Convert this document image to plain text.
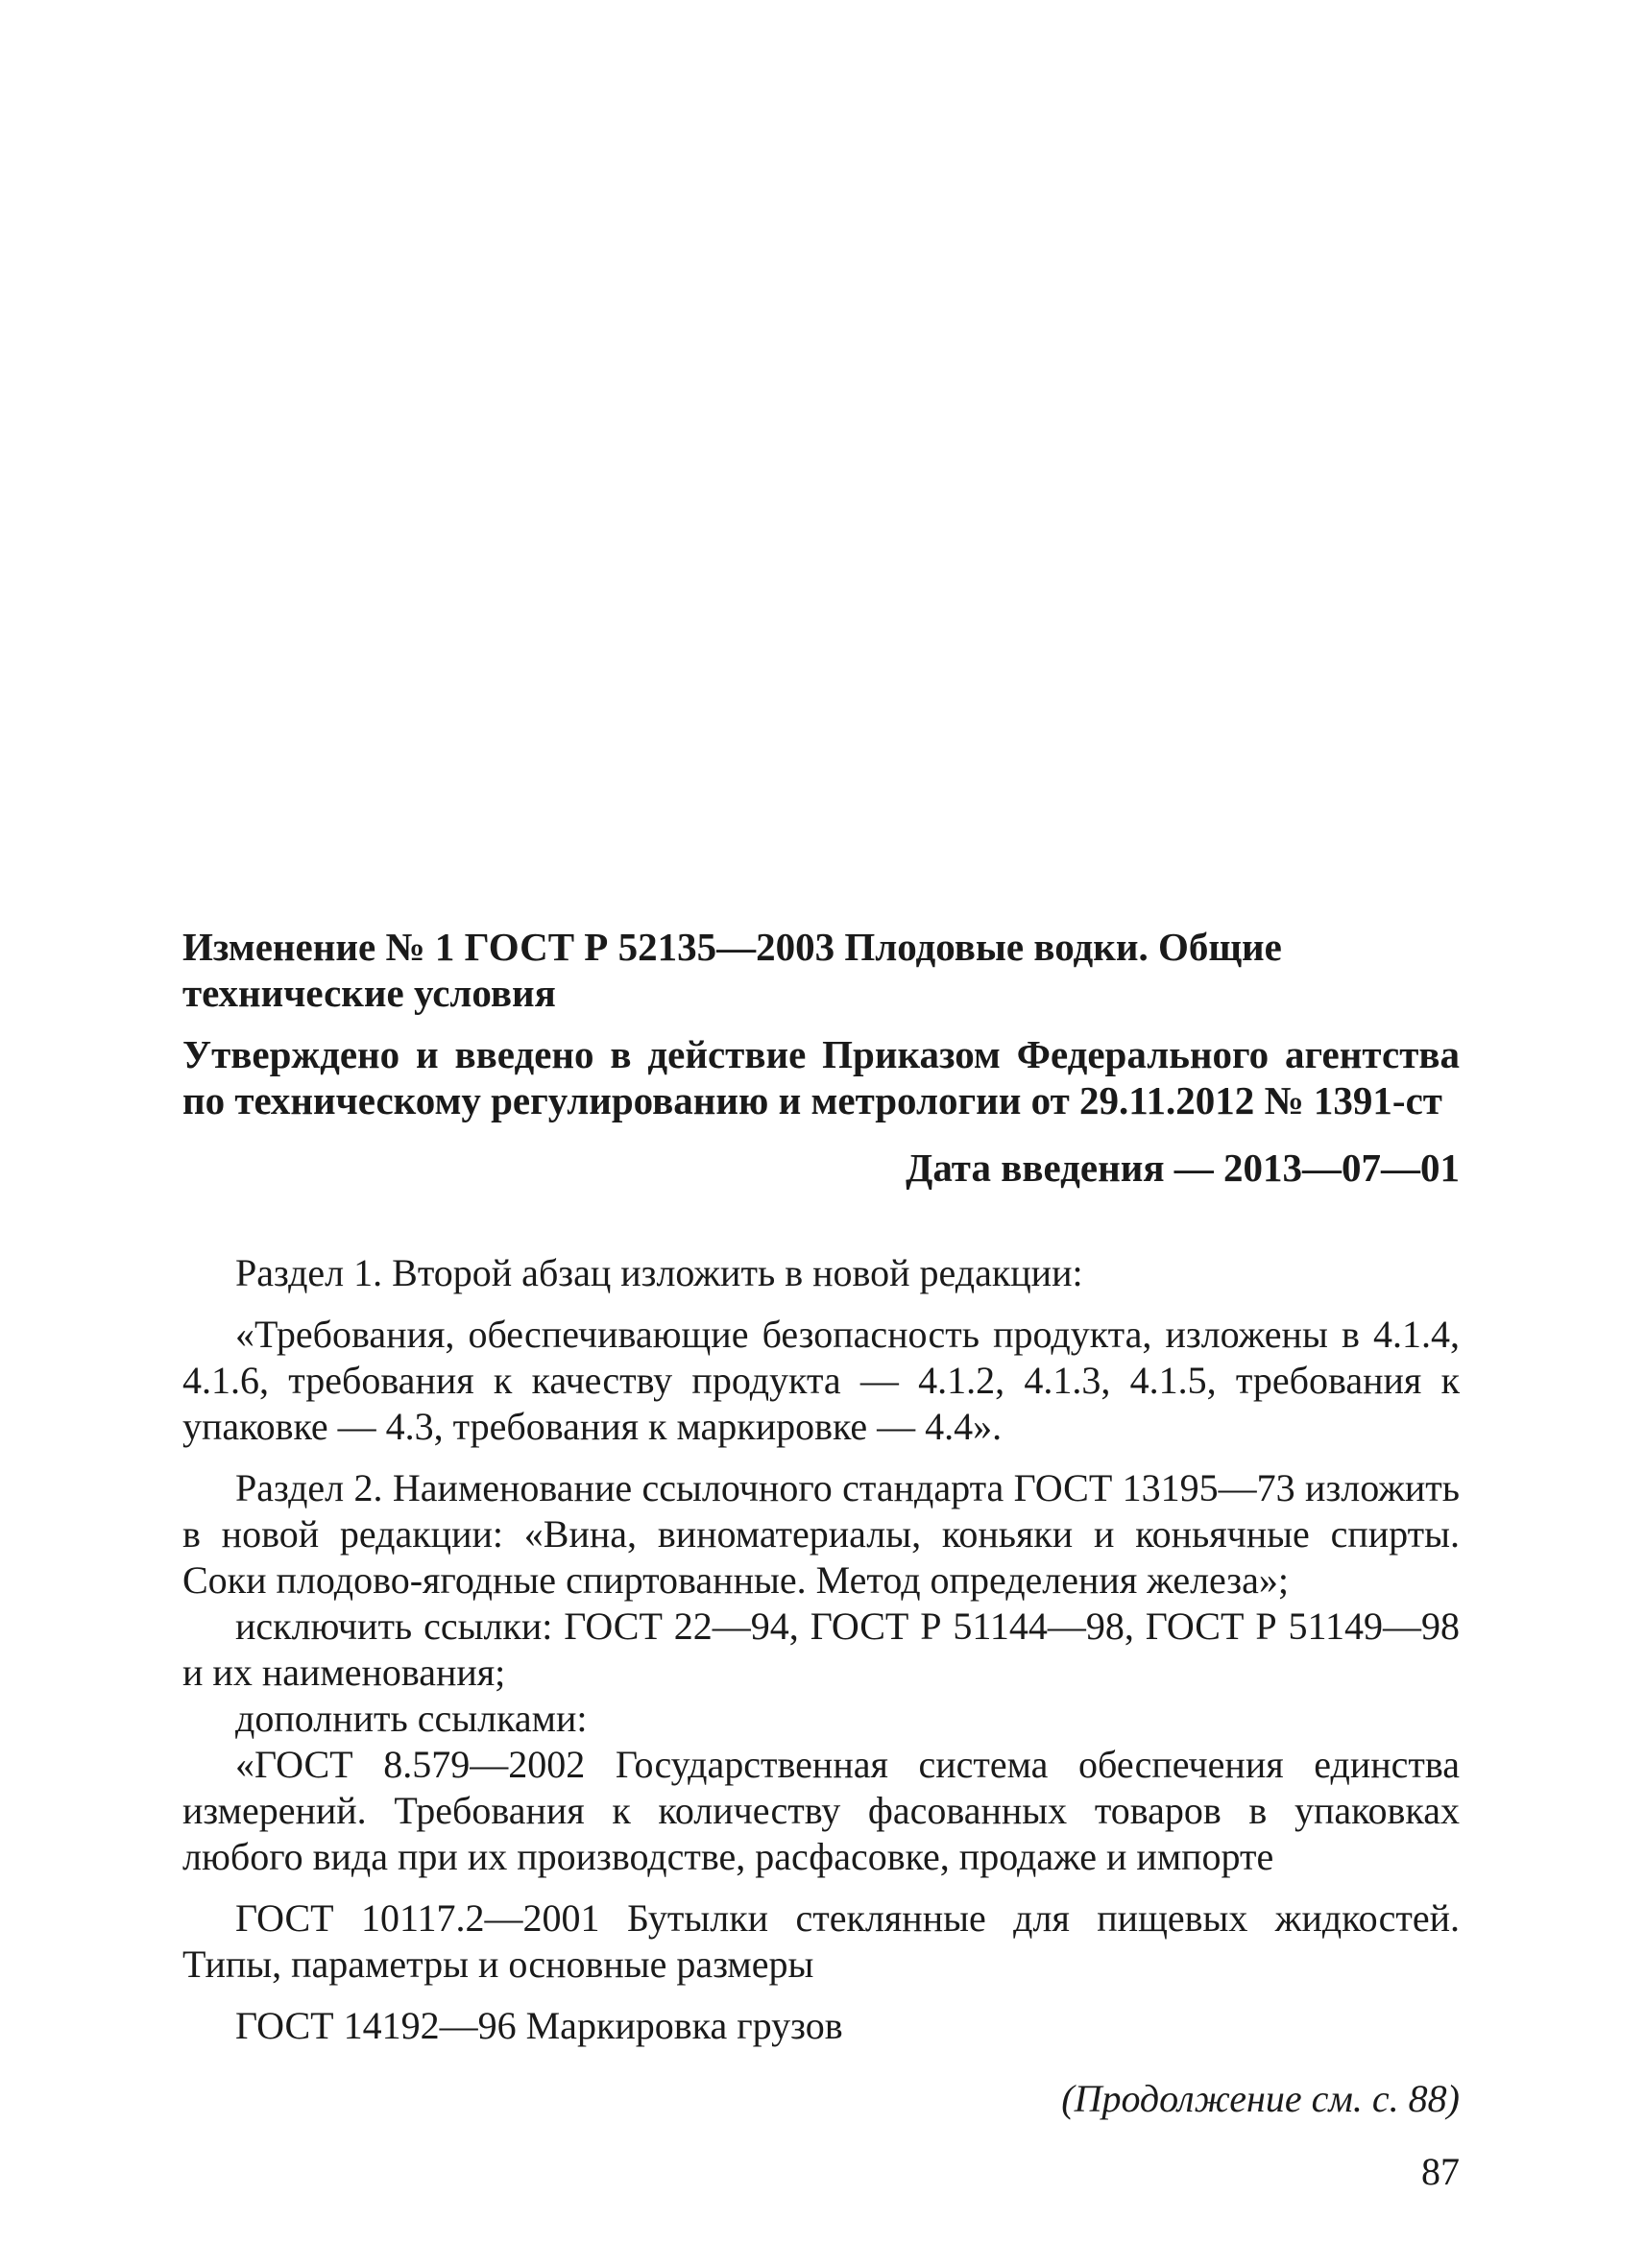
Изменение № 1 ГОСТ Р 52135—2003 Плодовые водки. Общие технические условия
Утверждено и введено в действие Приказом Федерального агентства по техническому регулированию и метрологии от 29.11.2012 № 1391-ст
Дата введения — 2013—07—01

Раздел 1. Второй абзац изложить в новой редакции:

«Требования, обеспечивающие безопасность продукта, изложены в 4.1.4, 4.1.6, требования к качеству продукта — 4.1.2, 4.1.3, 4.1.5, требования к упаковке — 4.3, требования к маркировке — 4.4».

Раздел 2. Наименование ссылочного стандарта ГОСТ 13195—73 изложить в новой редакции: «Вина, виноматериалы, коньяки и коньячные спирты. Соки плодово-ягодные спиртованные. Метод определения железа»;

исключить ссылки: ГОСТ 22—94, ГОСТ Р 51144—98, ГОСТ Р 51149—98 и их наименования;

дополнить ссылками:

«ГОСТ 8.579—2002 Государственная система обеспечения единства измерений. Требования к количеству фасованных товаров в упаковках любого вида при их производстве, расфасовке, продаже и импорте

ГОСТ 10117.2—2001 Бутылки стеклянные для пищевых жидкостей. Типы, параметры и основные размеры

ГОСТ 14192—96 Маркировка грузов

(Продолжение см. с. 88)
87
